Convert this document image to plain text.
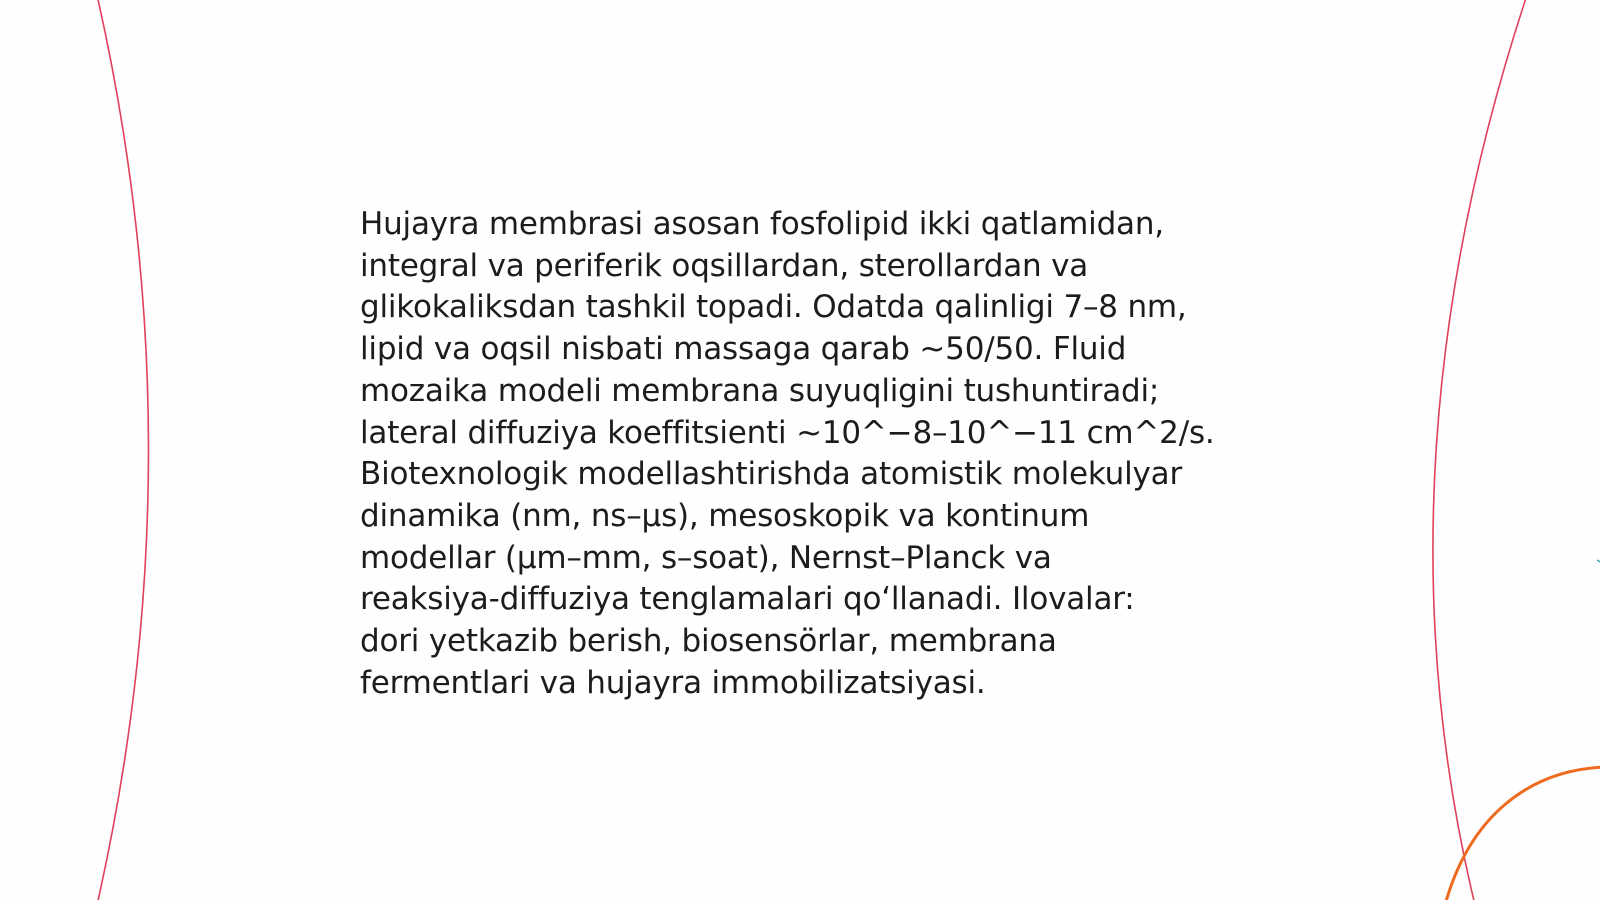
Hujayra membrasi asosan fosfolipid ikki qatlamidan,
integral va periferik oqsillardan, sterollardan va
glikokaliksdan tashkil topadi. Odatda qalinligi 7–8 nm,
lipid va oqsil nisbati massaga qarab ~50/50. Fluid
mozaika modeli membrana suyuqligini tushuntiradi;
lateral diffuziya koeffitsienti ~10^−8–10^−11 cm^2/s.
Biotexnologik modellashtirishda atomistik molekulyar
dinamika (nm, ns–µs), mesoskopik va kontinum
modellar (µm–mm, s–soat), Nernst–Planck va
reaksiya-diffuziya tenglamalari qo‘llanadi. Ilovalar:
dori yetkazib berish, biosensörlar, membrana
fermentlari va hujayra immobilizatsiyasi.
